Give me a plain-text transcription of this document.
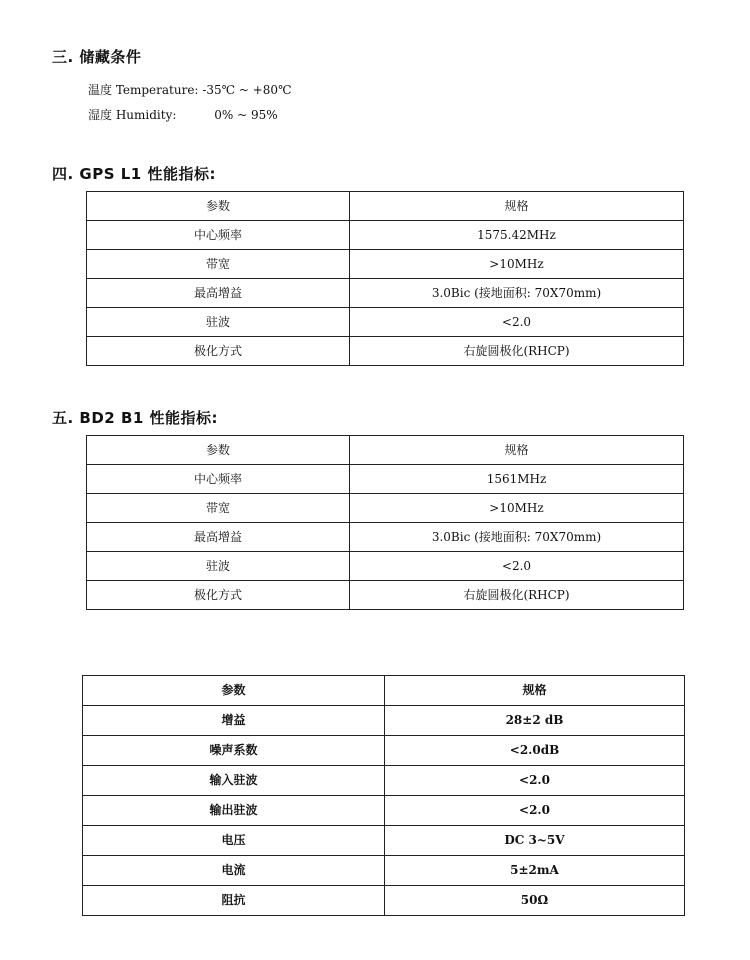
三. 储藏条件

温度 Temperature: -35℃ ~ +80℃

湿度 Humidity:	0% ~ 95%

四. GPS L1 性能指标:
参数	规格
中心频率	1575.42MHz
带宽	>10MHz
最高增益	3.0Bic (接地面积: 70X70mm)
驻波	<2.0
极化方式	右旋圆极化(RHCP)
五. BD2 B1 性能指标:
参数	规格
中心频率	1561MHz
带宽	>10MHz
最高增益	3.0Bic (接地面积: 70X70mm)
驻波	<2.0
极化方式	右旋圆极化(RHCP)
参数	规格
增益	28±2 dB
噪声系数	<2.0dB
输入驻波	<2.0
输出驻波	<2.0
电压	DC 3~5V
电流	5±2mA
阻抗	50Ω
